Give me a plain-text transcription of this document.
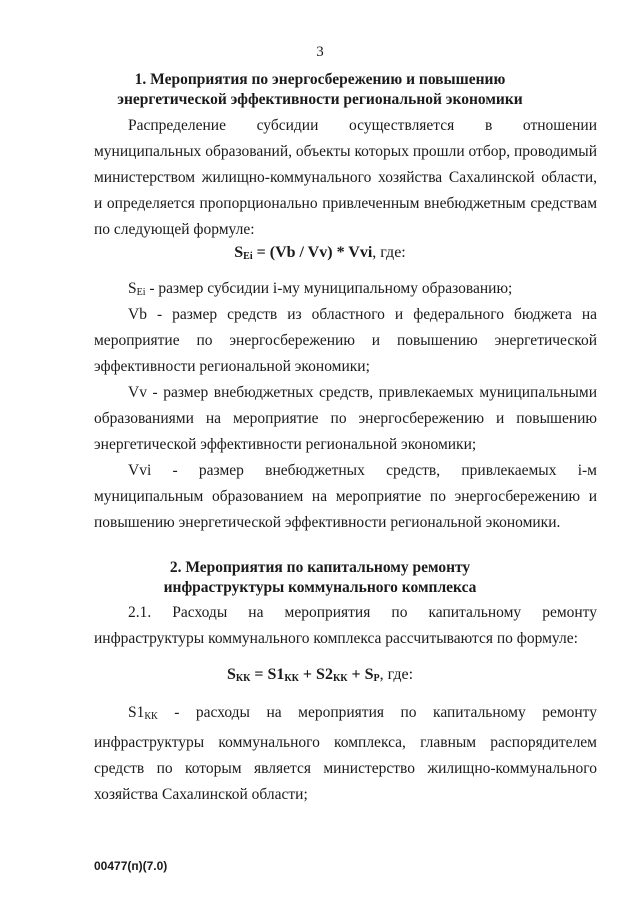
3
1. Мероприятия по энергосбережению и повышению
энергетической эффективности региональной экономики
Распределение субсидии осуществляется в отношении муниципальных образований, объекты которых прошли отбор, проводимый министерством жилищно-коммунального хозяйства Сахалинской области, и определяется пропорционально привлеченным внебюджетным средствам по следующей формуле:
$S_{Ei} = (Vb / Vv)$ * Vvi, где:
$S_{Ei}$ - размер субсидии i-му муниципальному образованию;
Vb - размер средств из областного и федерального бюджета на мероприятие по энергосбережению и повышению энергетической эффективности региональной экономики;
Vv - размер внебюджетных средств, привлекаемых муниципальными образованиями на мероприятие по энергосбережению и повышению энергетической эффективности региональной экономики;
Vvi - размер внебюджетных средств, привлекаемых i-м муниципальным образованием на мероприятие по энергосбережению и повышению энергетической эффективности региональной экономики.
2. Мероприятия по капитальному ремонту
инфраструктуры коммунального комплекса
2.1. Расходы на мероприятия по капитальному ремонту инфраструктуры коммунального комплекса рассчитываются по формуле:
$S_{КК} = S1_{КК} + S2_{КК} + S_Р$, где:
$S1_{КК}$ - расходы на мероприятия по капитальному ремонту инфраструктуры коммунального комплекса, главным распорядителем средств по которым является министерство жилищно-коммунального хозяйства Сахалинской области;
00477(п)(7.0)
